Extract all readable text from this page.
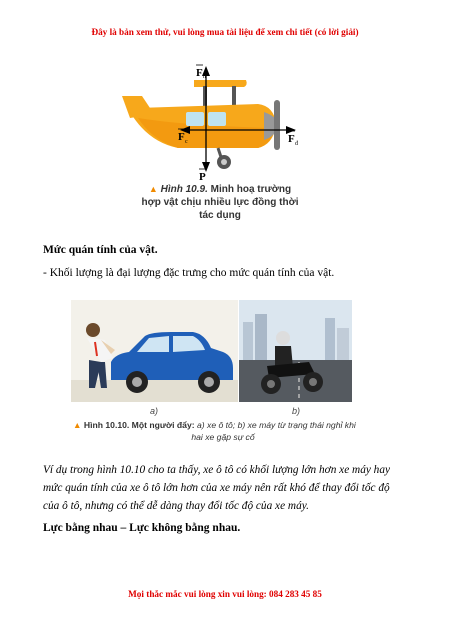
Đây là bản xem thử, vui lòng mua tài liệu để xem chi tiết (có lời giải)
F n
F c	F đ
P
▲ Hình 10.9. Minh hoạ trường hợp vật chịu nhiều lực đồng thời tác dụng
Mức quán tính của vật.
- Khối lượng là đại lượng đặc trưng cho mức quán tính của vật.
a)	b)
▲ Hình 10.10. Một người đẩy: a) xe ô tô; b) xe máy từ trạng thái nghỉ khi
hai xe gặp sự cố
Ví dụ trong hình 10.10 cho ta thấy, xe ô tô có khối lượng lớn hơn xe máy hay mức quán tính của xe ô tô lớn hơn của xe máy nên rất khó để thay đổi tốc độ của ô tô, nhưng có thể dễ dàng thay đổi tốc độ của xe máy.
Lực bằng nhau – Lực không bằng nhau.
Mọi thắc mắc vui lòng xin vui lòng: 084 283 45 85
